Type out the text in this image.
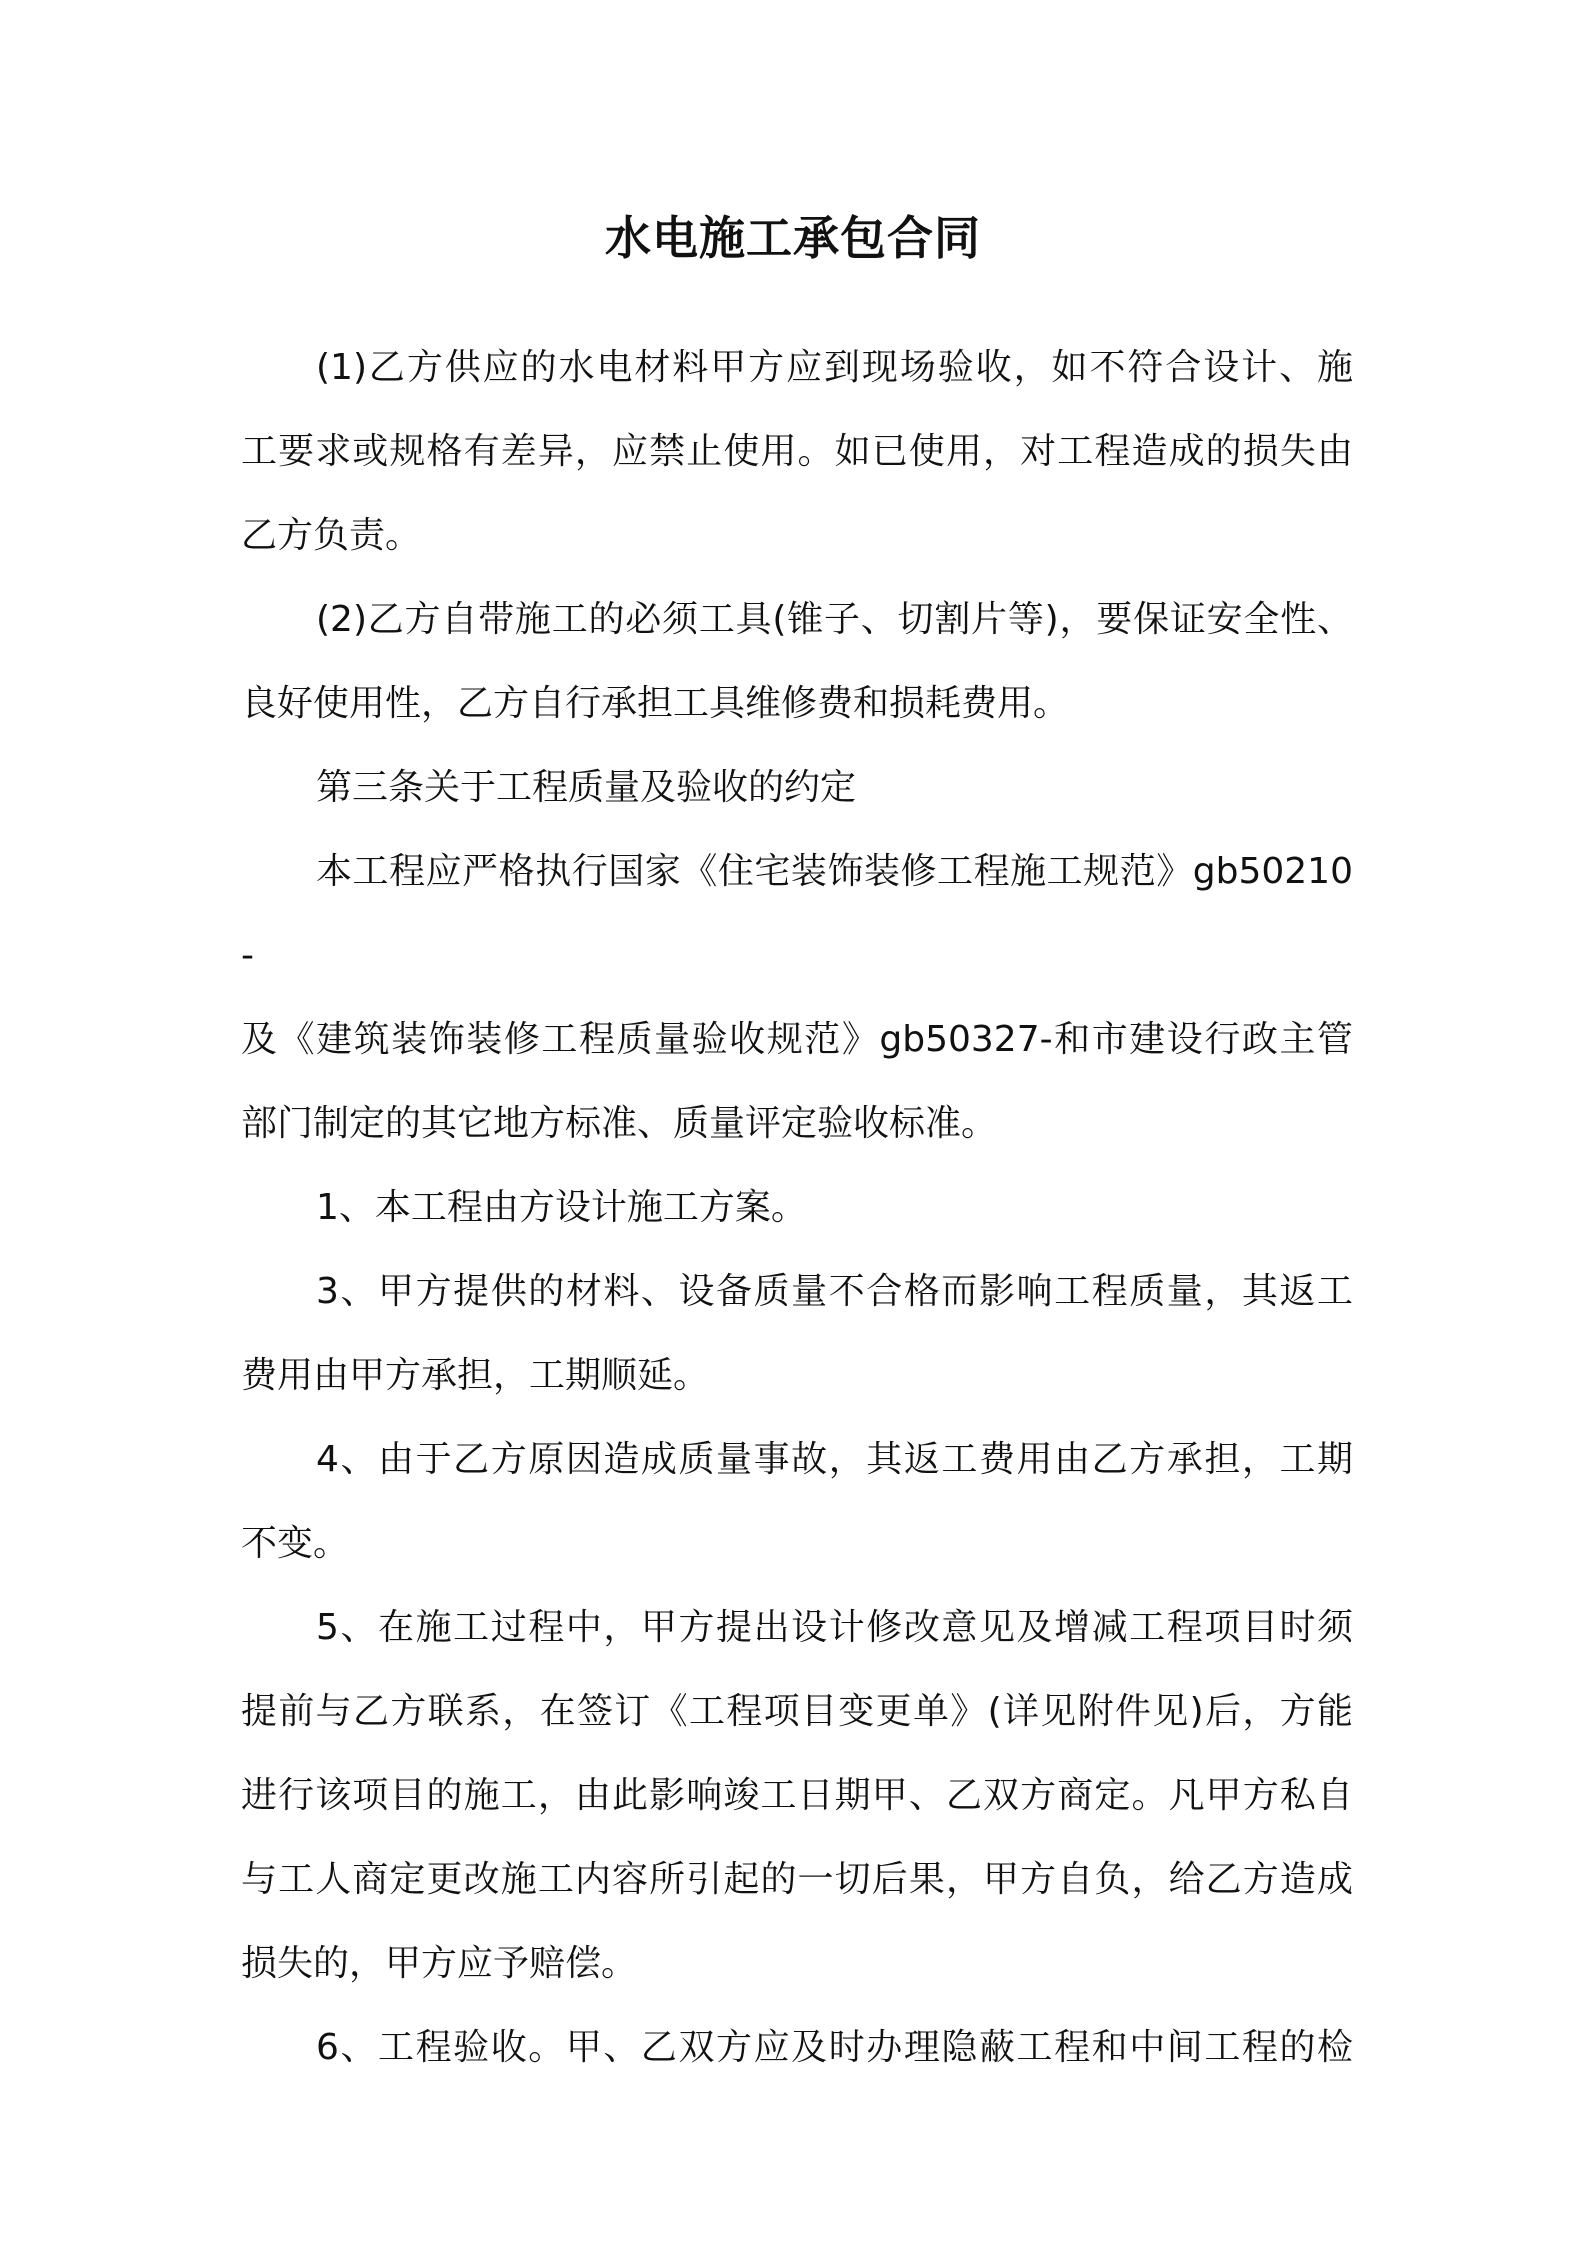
水电施工承包合同

(1)乙方供应的水电材料甲方应到现场验收，如不符合设计、施
工要求或规格有差异，应禁止使用。如已使用，对工程造成的损失由
乙方负责。

(2)乙方自带施工的必须工具(锥子、切割片等)，要保证安全性、
良好使用性，乙方自行承担工具维修费和损耗费用。

第三条关于工程质量及验收的约定

本工程应严格执行国家《住宅装饰装修工程施工规范》gb50210-
及《建筑装饰装修工程质量验收规范》gb50327-和市建设行政主管
部门制定的其它地方标准、质量评定验收标准。

1、本工程由方设计施工方案。

3、甲方提供的材料、设备质量不合格而影响工程质量，其返工
费用由甲方承担，工期顺延。

4、由于乙方原因造成质量事故，其返工费用由乙方承担，工期
不变。

5、在施工过程中，甲方提出设计修改意见及增减工程项目时须
提前与乙方联系，在签订《工程项目变更单》(详见附件见)后，方能
进行该项目的施工，由此影响竣工日期甲、乙双方商定。凡甲方私自
与工人商定更改施工内容所引起的一切后果，甲方自负，给乙方造成
损失的，甲方应予赔偿。

6、工程验收。甲、乙双方应及时办理隐蔽工程和中间工程的检
